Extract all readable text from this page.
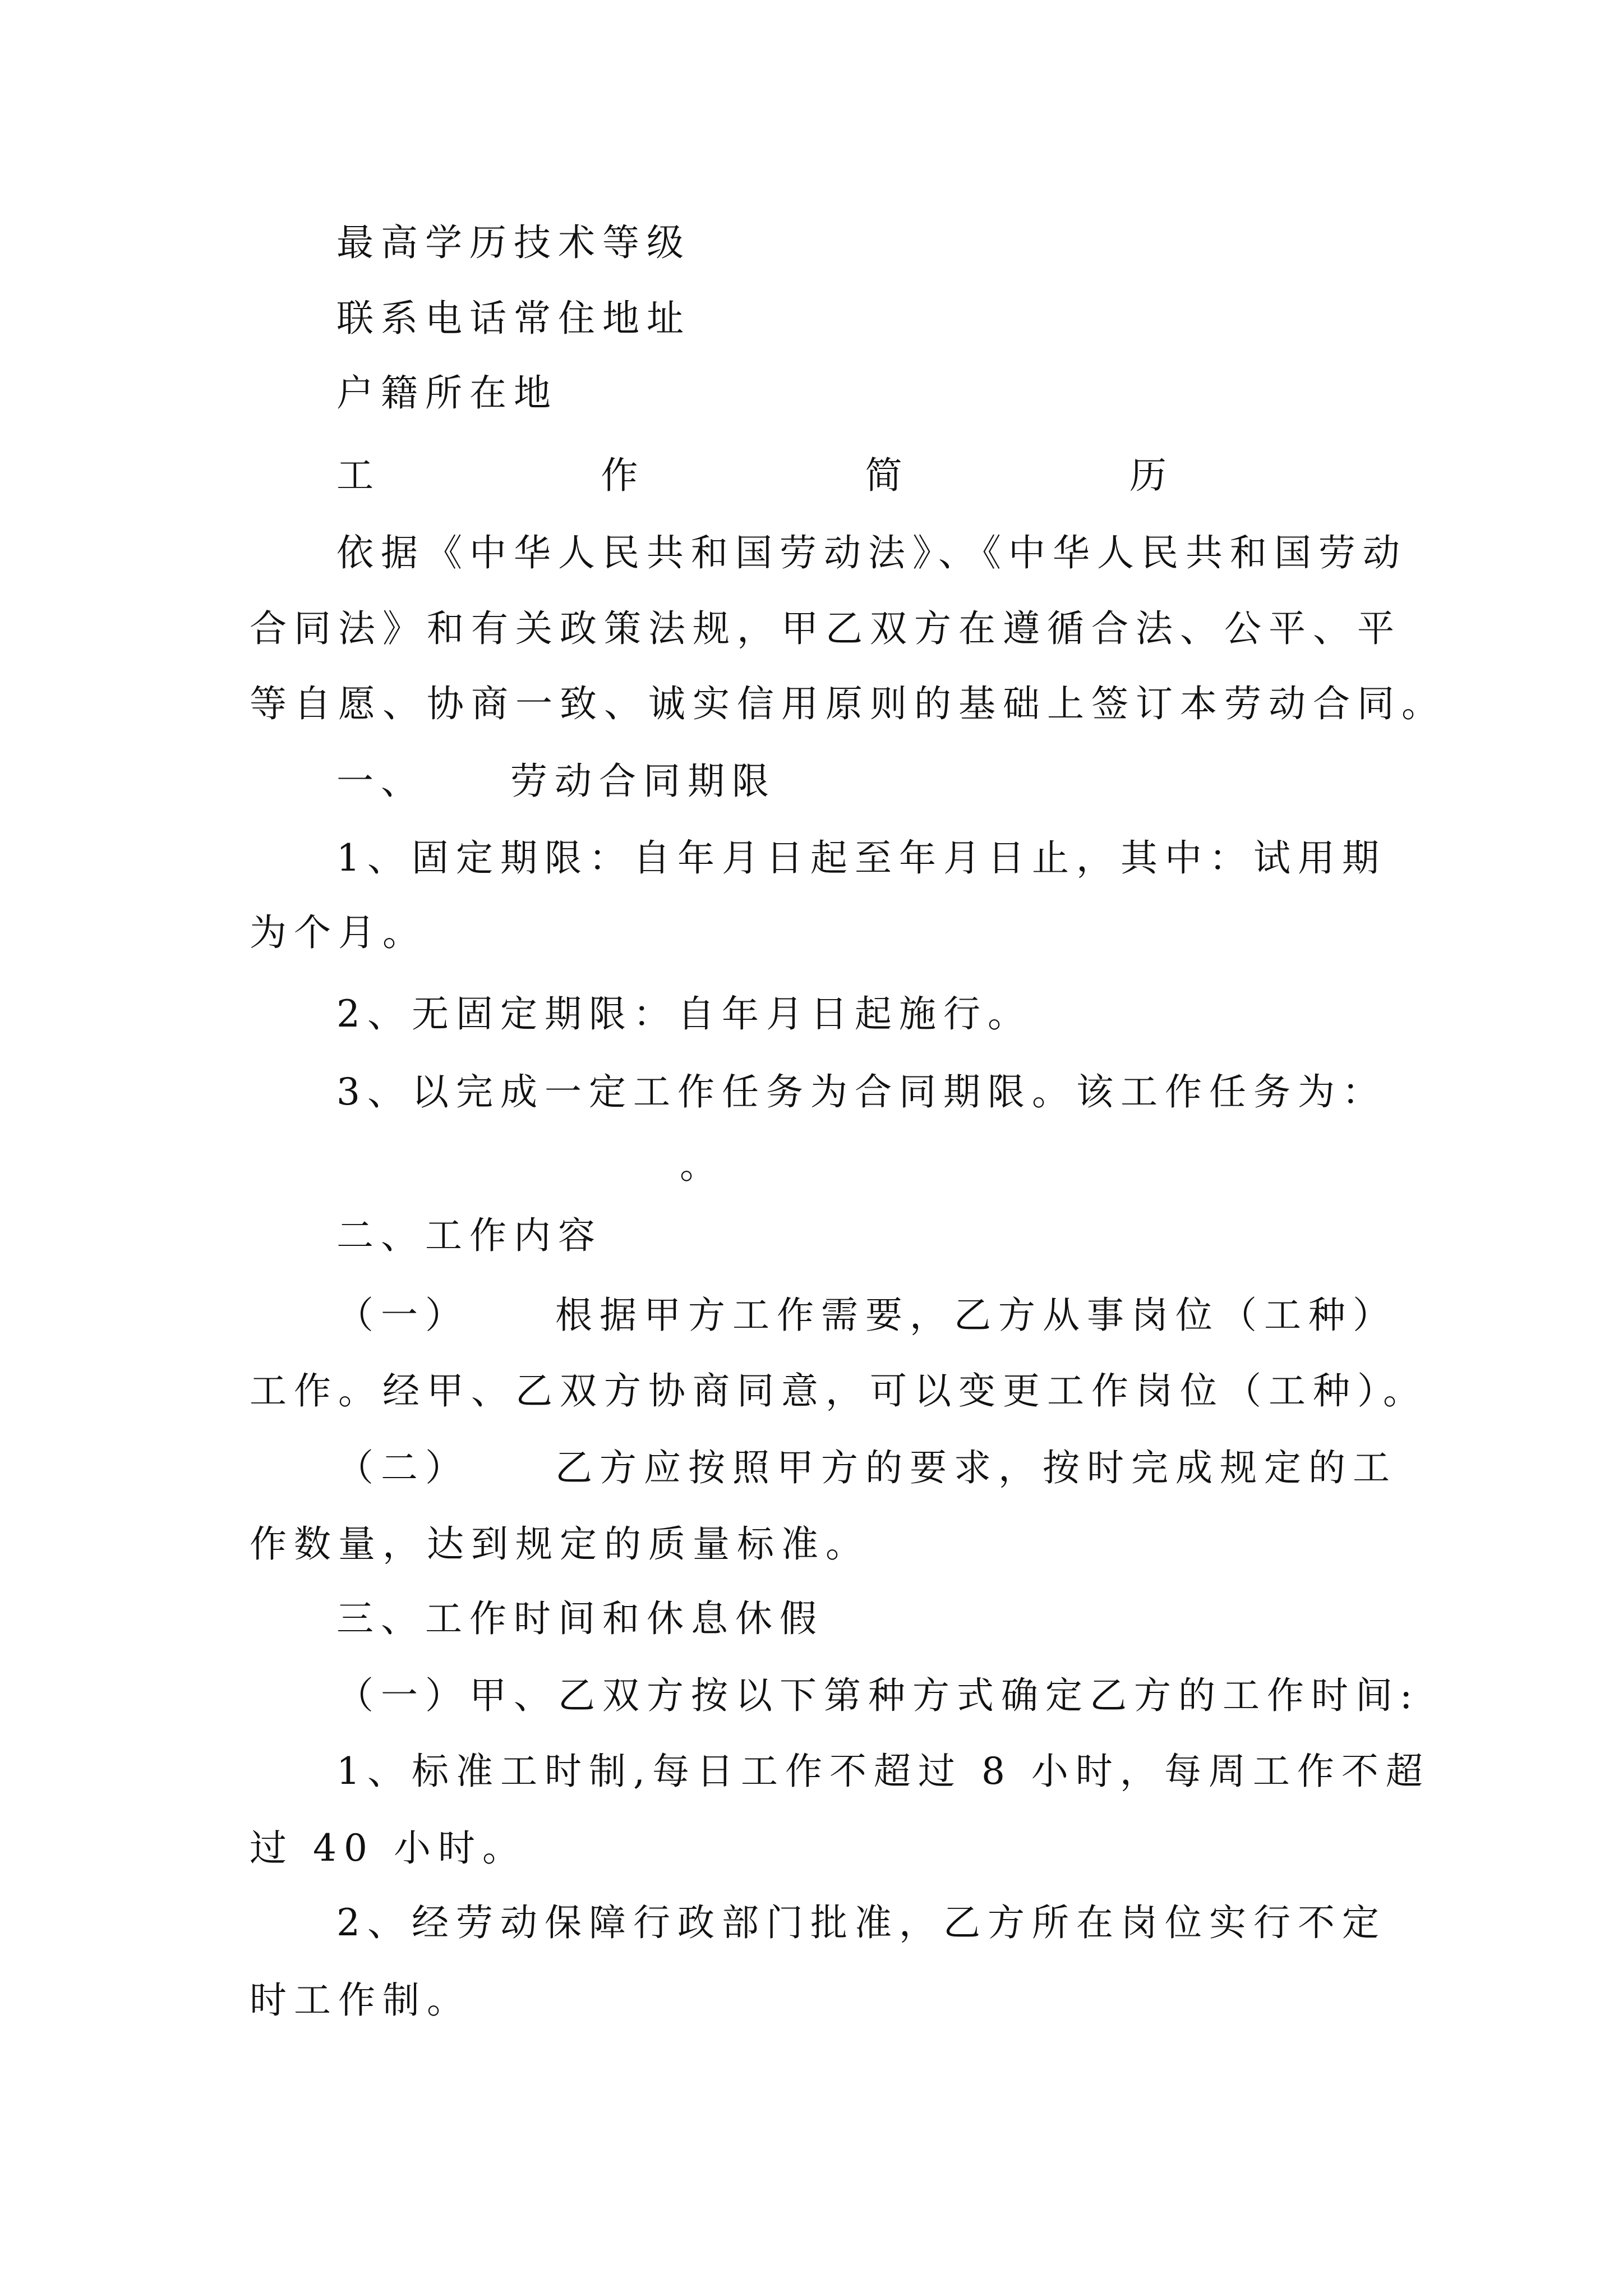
最高学历技术等级
联系电话常住地址
户籍所在地
工	作	简	历
依据《中华人民共和国劳动法》、《中华人民共和国劳动
合同法》和有关政策法规，甲乙双方在遵循合法、公平、平
等自愿、协商一致、诚实信用原则的基础上签订本劳动合同。
一、 劳动合同期限
1、固定期限：自年月日起至年月日止，其中：试用期
为个月。
2、无固定期限：自年月日起施行。
3、以完成一定工作任务为合同期限。该工作任务为：
。
二、工作内容
（一） 根据甲方工作需要，乙方从事岗位（工种）
工作。经甲、乙双方协商同意，可以变更工作岗位（工种）。
（二） 乙方应按照甲方的要求，按时完成规定的工
作数量，达到规定的质量标准。
三、工作时间和休息休假
（一）甲、乙双方按以下第种方式确定乙方的工作时间:
1、标准工时制,每日工作不超过 8 小时，每周工作不超
过 40 小时。
2、经劳动保障行政部门批准，乙方所在岗位实行不定
时工作制。
